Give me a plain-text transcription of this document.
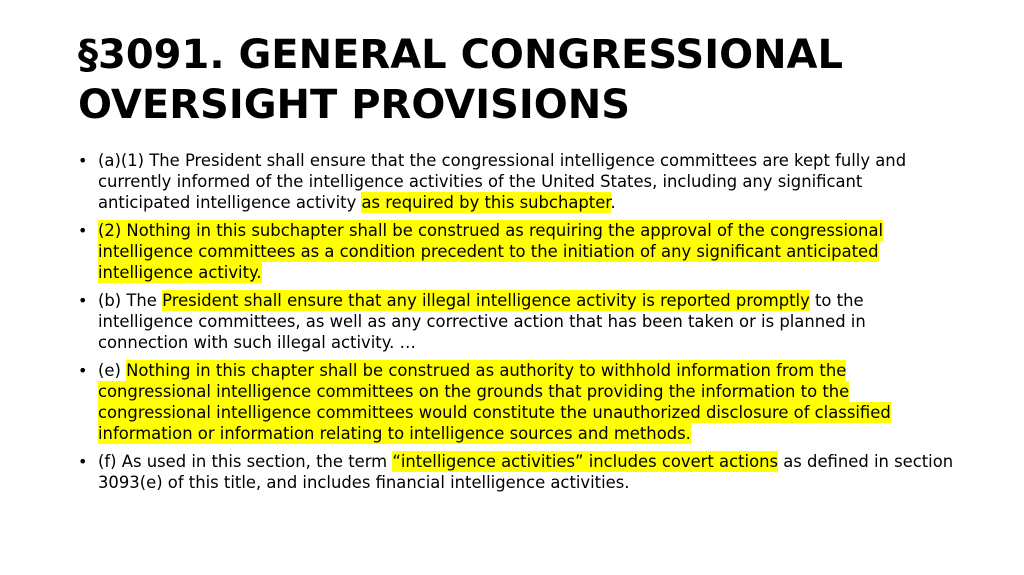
§3091. GENERAL CONGRESSIONAL OVERSIGHT PROVISIONS
• (a)(1) The President shall ensure that the congressional intelligence committees are kept fully and currently informed of the intelligence activities of the United States, including any significant anticipated intelligence activity as required by this subchapter.
• (2) Nothing in this subchapter shall be construed as requiring the approval of the congressional intelligence committees as a condition precedent to the initiation of any significant anticipated intelligence activity.
• (b) The President shall ensure that any illegal intelligence activity is reported promptly to the intelligence committees, as well as any corrective action that has been taken or is planned in connection with such illegal activity. …
• (e) Nothing in this chapter shall be construed as authority to withhold information from the congressional intelligence committees on the grounds that providing the information to the congressional intelligence committees would constitute the unauthorized disclosure of classified information or information relating to intelligence sources and methods.
• (f) As used in this section, the term “intelligence activities” includes covert actions as defined in section 3093(e) of this title, and includes financial intelligence activities.
